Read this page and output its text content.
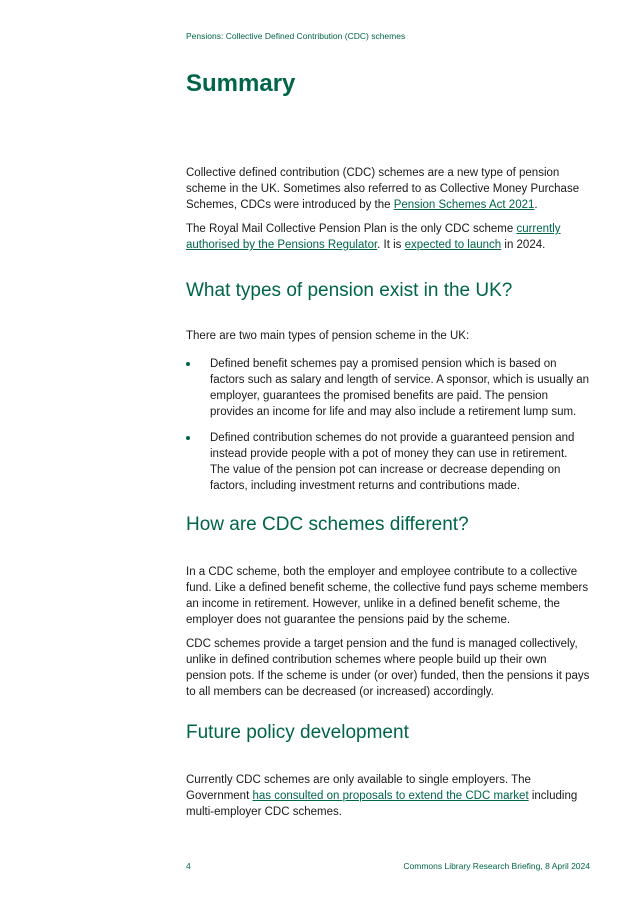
Pensions: Collective Defined Contribution (CDC) schemes
Summary

Collective defined contribution (CDC) schemes are a new type of pension scheme in the UK. Sometimes also referred to as Collective Money Purchase Schemes, CDCs were introduced by the Pension Schemes Act 2021.

The Royal Mail Collective Pension Plan is the only CDC scheme currently authorised by the Pensions Regulator. It is expected to launch in 2024.

What types of pension exist in the UK?

There are two main types of pension scheme in the UK:

Defined benefit schemes pay a promised pension which is based on factors such as salary and length of service. A sponsor, which is usually an employer, guarantees the promised benefits are paid. The pension provides an income for life and may also include a retirement lump sum.
Defined contribution schemes do not provide a guaranteed pension and instead provide people with a pot of money they can use in retirement. The value of the pension pot can increase or decrease depending on factors, including investment returns and contributions made.
How are CDC schemes different?

In a CDC scheme, both the employer and employee contribute to a collective fund. Like a defined benefit scheme, the collective fund pays scheme members an income in retirement. However, unlike in a defined benefit scheme, the employer does not guarantee the pensions paid by the scheme.

CDC schemes provide a target pension and the fund is managed collectively, unlike in defined contribution schemes where people build up their own pension pots. If the scheme is under (or over) funded, then the pensions it pays to all members can be decreased (or increased) accordingly.

Future policy development

Currently CDC schemes are only available to single employers. The Government has consulted on proposals to extend the CDC market including multi-employer CDC schemes.

4	Commons Library Research Briefing, 8 April 2024
